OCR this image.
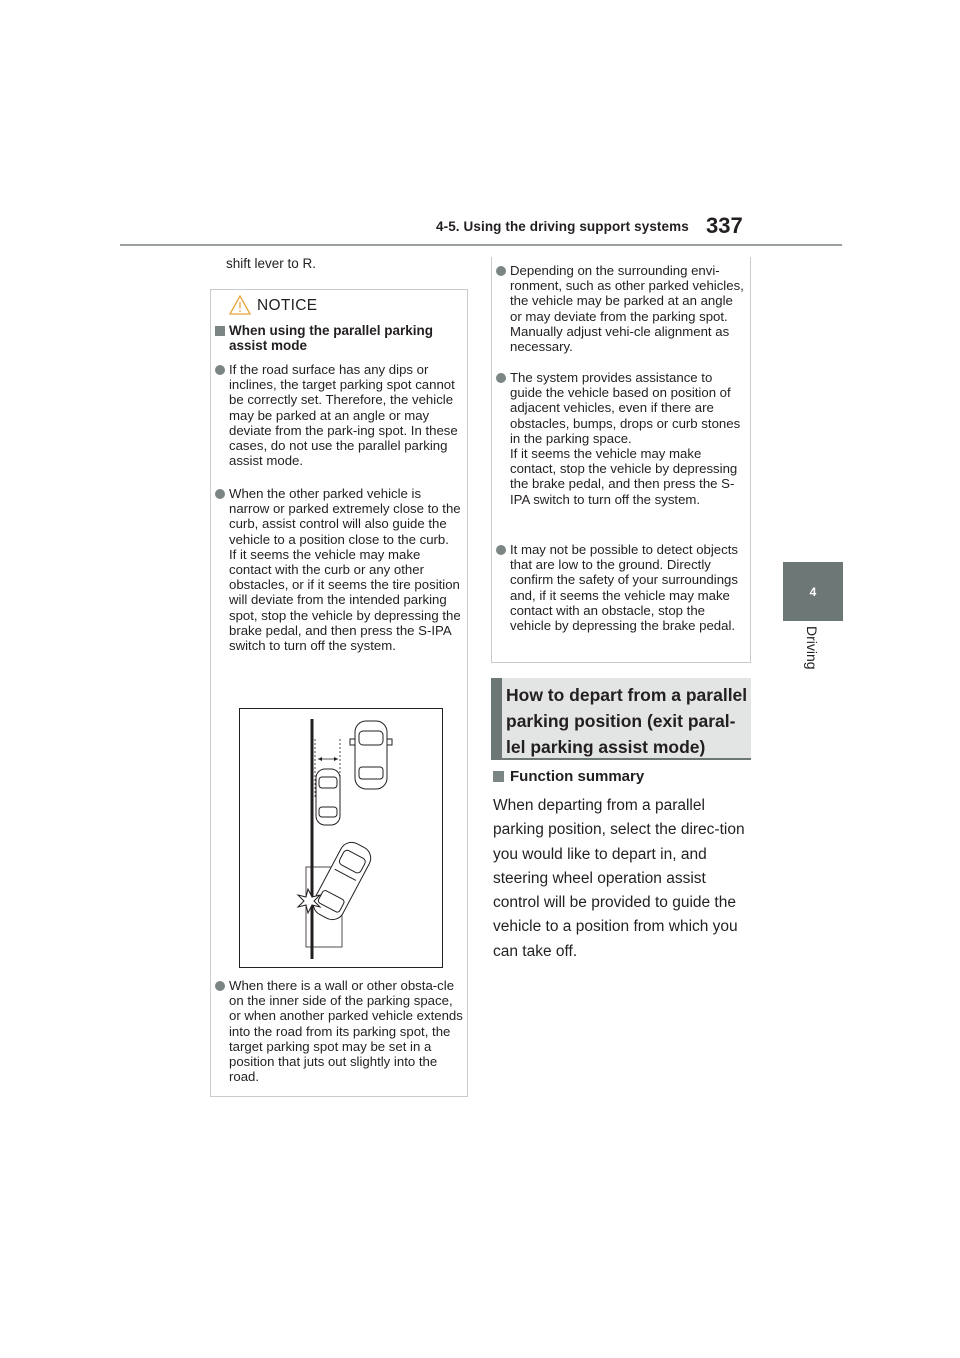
4-5. Using the driving support systems 337
4
Driving
shift lever to R.
NOTICE
When using the parallel parking assist mode
If the road surface has any dips or inclines, the target parking spot cannot be correctly set. Therefore, the vehicle may be parked at an angle or may deviate from the park-ing spot. In these cases, do not use the parallel parking assist mode.
When the other parked vehicle is narrow or parked extremely close to the curb, assist control will also guide the vehicle to a position close to the curb.
If it seems the vehicle may make contact with the curb or any other obstacles, or if it seems the tire position will deviate from the intended parking spot, stop the vehicle by depressing the brake pedal, and then press the S-IPA switch to turn off the system.
When there is a wall or other obsta-cle on the inner side of the parking space, or when another parked vehicle extends into the road from its parking spot, the target parking spot may be set in a position that juts out slightly into the road.
Depending on the surrounding envi-ronment, such as other parked vehicles, the vehicle may be parked at an angle or may deviate from the parking spot. Manually adjust vehi-cle alignment as necessary.
The system provides assistance to guide the vehicle based on position of adjacent vehicles, even if there are obstacles, bumps, drops or curb stones in the parking space.
If it seems the vehicle may make contact, stop the vehicle by depressing the brake pedal, and then press the S-IPA switch to turn off the system.
It may not be possible to detect objects that are low to the ground. Directly confirm the safety of your surroundings and, if it seems the vehicle may make contact with an obstacle, stop the vehicle by depressing the brake pedal.
How to depart from a parallel parking position (exit paral-lel parking assist mode)
Function summary
When departing from a parallel parking position, select the direc-tion you would like to depart in, and steering wheel operation assist control will be provided to guide the vehicle to a position from which you can take off.
